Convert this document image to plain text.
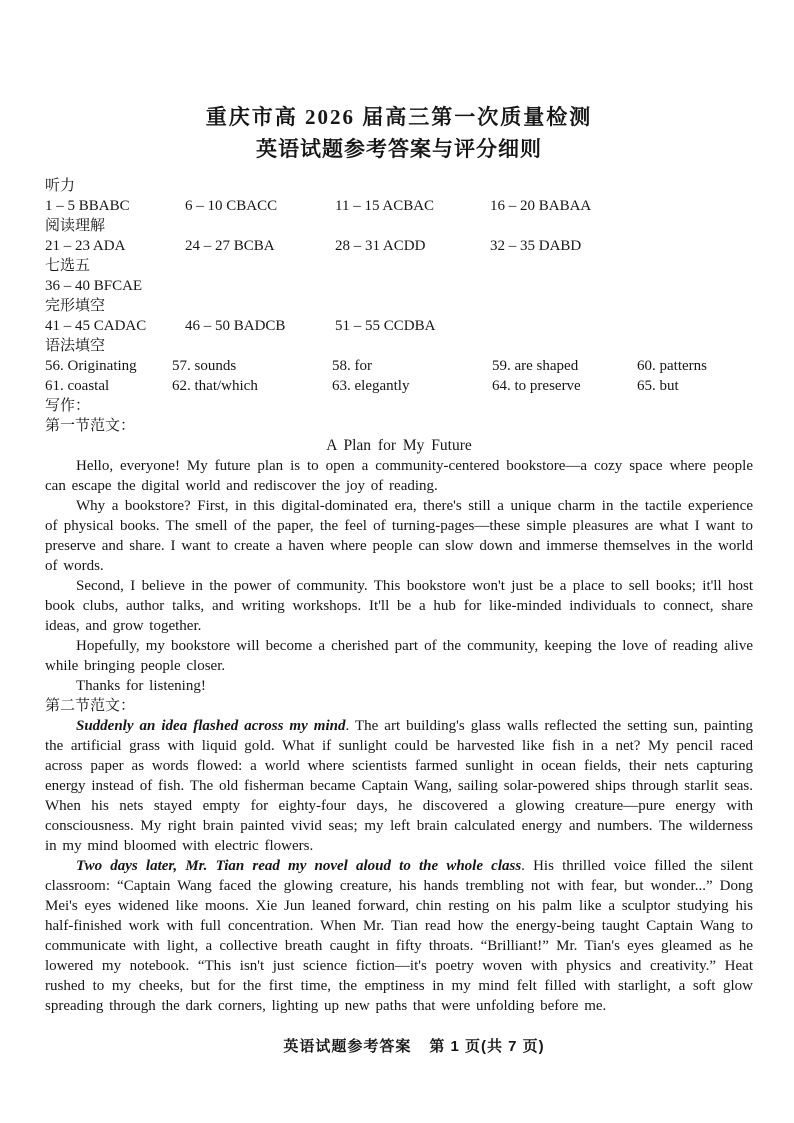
重庆市高 2026 届高三第一次质量检测
英语试题参考答案与评分细则
听力
1 – 5 BBABC	6 – 10 CBACC	11 – 15 ACBAC	16 – 20 BABAA
阅读理解
21 – 23 ADA	24 – 27 BCBA	28 – 31 ACDD	32 – 35 DABD
七选五
36 – 40 BFCAE
完形填空
41 – 45 CADAC	46 – 50 BADCB	51 – 55 CCDBA
语法填空
56. Originating	57. sounds	58. for	59. are shaped	60. patterns
61. coastal	62. that/which	63. elegantly	64. to preserve	65. but
写作：
第一节范文：
A Plan for My Future

Hello, everyone! My future plan is to open a community-centered bookstore—a cozy space where people can escape the digital world and rediscover the joy of reading.

Why a bookstore? First, in this digital-dominated era, there's still a unique charm in the tactile experience of physical books. The smell of the paper, the feel of turning-pages—these simple pleasures are what I want to preserve and share. I want to create a haven where people can slow down and immerse themselves in the world of words.

Second, I believe in the power of community. This bookstore won't just be a place to sell books; it'll host book clubs, author talks, and writing workshops. It'll be a hub for like-minded individuals to connect, share ideas, and grow together.

Hopefully, my bookstore will become a cherished part of the community, keeping the love of reading alive while bringing people closer.

Thanks for listening!

第二节范文：

Suddenly an idea flashed across my mind. The art building's glass walls reflected the setting sun, painting the artificial grass with liquid gold. What if sunlight could be harvested like fish in a net? My pencil raced across paper as words flowed: a world where scientists farmed sunlight in ocean fields, their nets capturing energy instead of fish. The old fisherman became Captain Wang, sailing solar-powered ships through starlit seas. When his nets stayed empty for eighty-four days, he discovered a glowing creature—pure energy with consciousness. My right brain painted vivid seas; my left brain calculated energy and numbers. The wilderness in my mind bloomed with electric flowers.

Two days later, Mr. Tian read my novel aloud to the whole class. His thrilled voice filled the silent classroom: “Captain Wang faced the glowing creature, his hands trembling not with fear, but wonder...” Dong Mei's eyes widened like moons. Xie Jun leaned forward, chin resting on his palm like a sculptor studying his half-finished work with full concentration. When Mr. Tian read how the energy-being taught Captain Wang to communicate with light, a collective breath caught in fifty throats. “Brilliant!” Mr. Tian's eyes gleamed as he lowered my notebook. “This isn't just science fiction—it's poetry woven with physics and creativity.” Heat rushed to my cheeks, but for the first time, the emptiness in my mind felt filled with starlight, a soft glow spreading through the dark corners, lighting up new paths that were unfolding before me.

英语试题参考答案 第 1 页(共 7 页)
